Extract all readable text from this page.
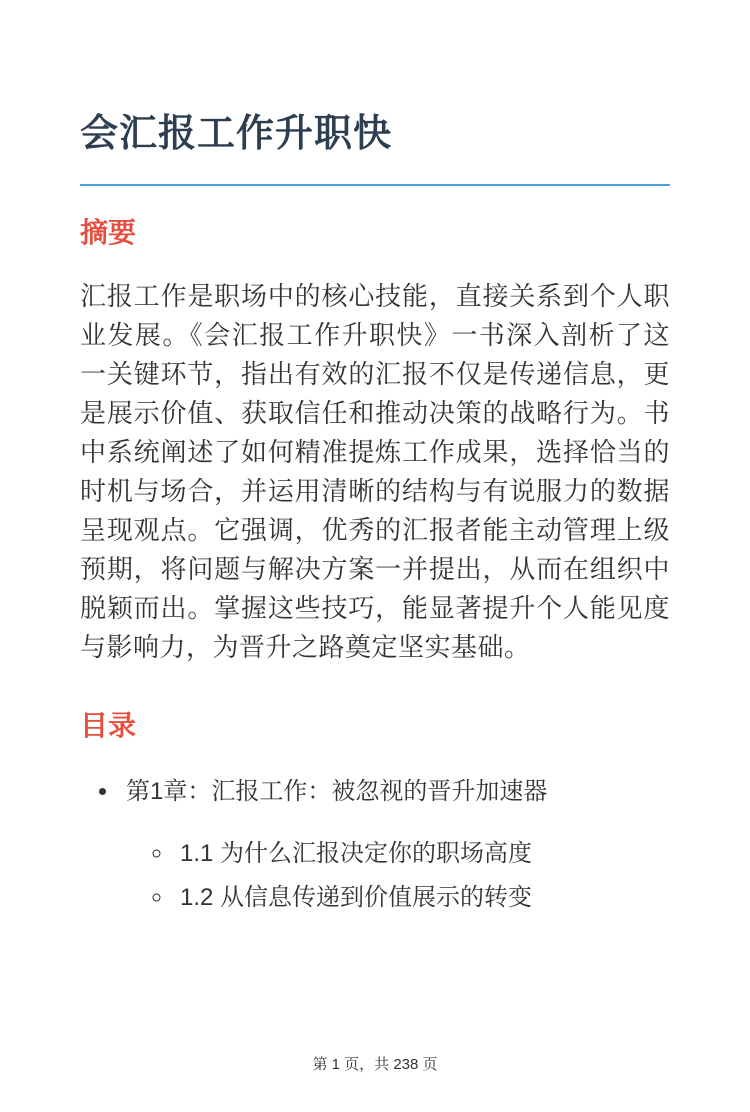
会汇报工作升职快
摘要

汇报工作是职场中的核心技能，直接关系到个人职业发展。《会汇报工作升职快》一书深入剖析了这一关键环节，指出有效的汇报不仅是传递信息，更是展示价值、获取信任和推动决策的战略行为。书中系统阐述了如何精准提炼工作成果，选择恰当的时机与场合，并运用清晰的结构与有说服力的数据呈现观点。它强调，优秀的汇报者能主动管理上级预期，将问题与解决方案一并提出，从而在组织中脱颖而出。掌握这些技巧，能显著提升个人能见度与影响力，为晋升之路奠定坚实基础。

目录
• 第1章：汇报工作：被忽视的晋升加速器
◦ 1.1 为什么汇报决定你的职场高度
◦ 1.2 从信息传递到价值展示的转变
第 1 页，共 238 页
